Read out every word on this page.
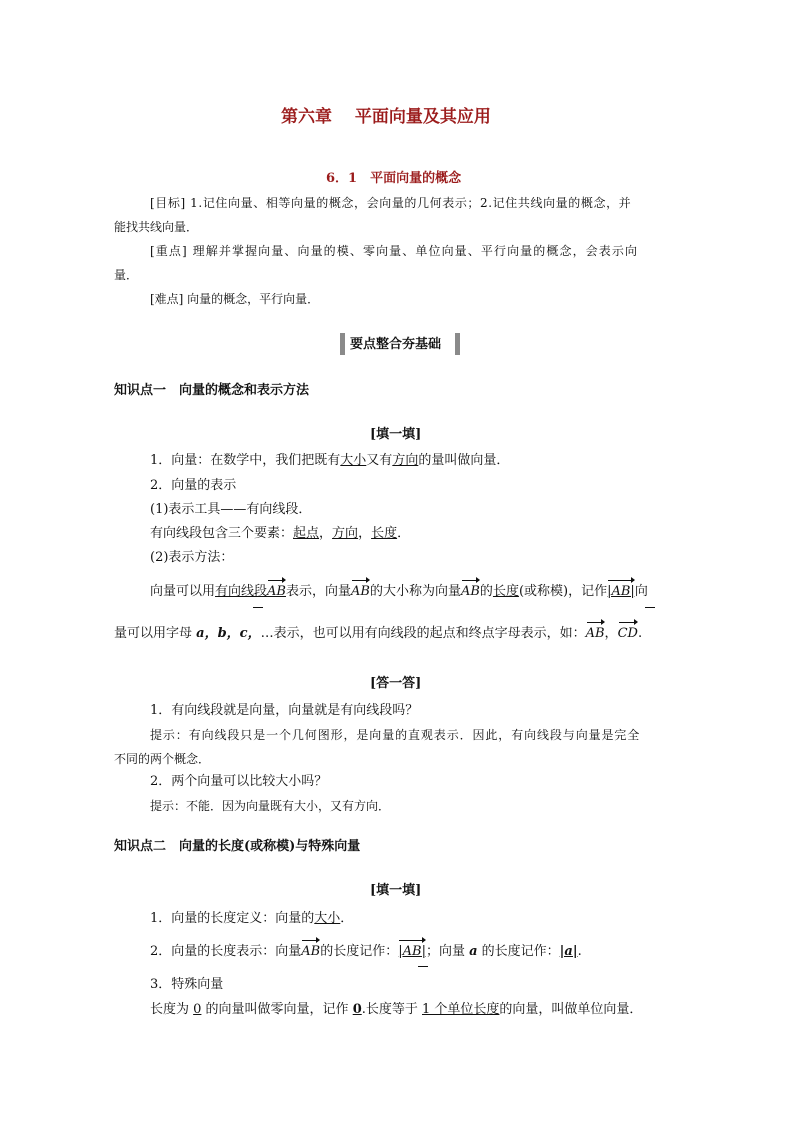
第六章　 平面向量及其应用
6．1　平面向量的概念
[目标] 1.记住向量、相等向量的概念，会向量的几何表示；2.记住共线向量的概念，并
能找共线向量．
[重点] 理解并掌握向量、向量的模、零向量、单位向量、平行向量的概念，会表示向
量．
[难点] 向量的概念，平行向量．
要点整合夯基础
知识点一　向量的概念和表示方法
[填一填]
1．向量：在数学中，我们把既有大小又有方向的量叫做向量．
2．向量的表示
(1)表示工具——有向线段．
有向线段包含三个要素：起点，方向，长度．
(2)表示方法：
向量可以用有向线段AB表示，向量AB的大小称为向量AB的长度(或称模)，记作|AB|向
量可以用字母 a，b，c，…表示，也可以用有向线段的起点和终点字母表示，如：AB，CD.
[答一答]
1．有向线段就是向量，向量就是有向线段吗？
提示：有向线段只是一个几何图形，是向量的直观表示．因此，有向线段与向量是完全
不同的两个概念．
2．两个向量可以比较大小吗？
提示：不能．因为向量既有大小，又有方向．
知识点二　向量的长度(或称模)与特殊向量
[填一填]
1．向量的长度定义：向量的大小．
2．向量的长度表示：向量AB的长度记作：|AB|；向量 a 的长度记作：|a|.
3．特殊向量
长度为 0 的向量叫做零向量，记作 0.长度等于 1 个单位长度的向量，叫做单位向量．
